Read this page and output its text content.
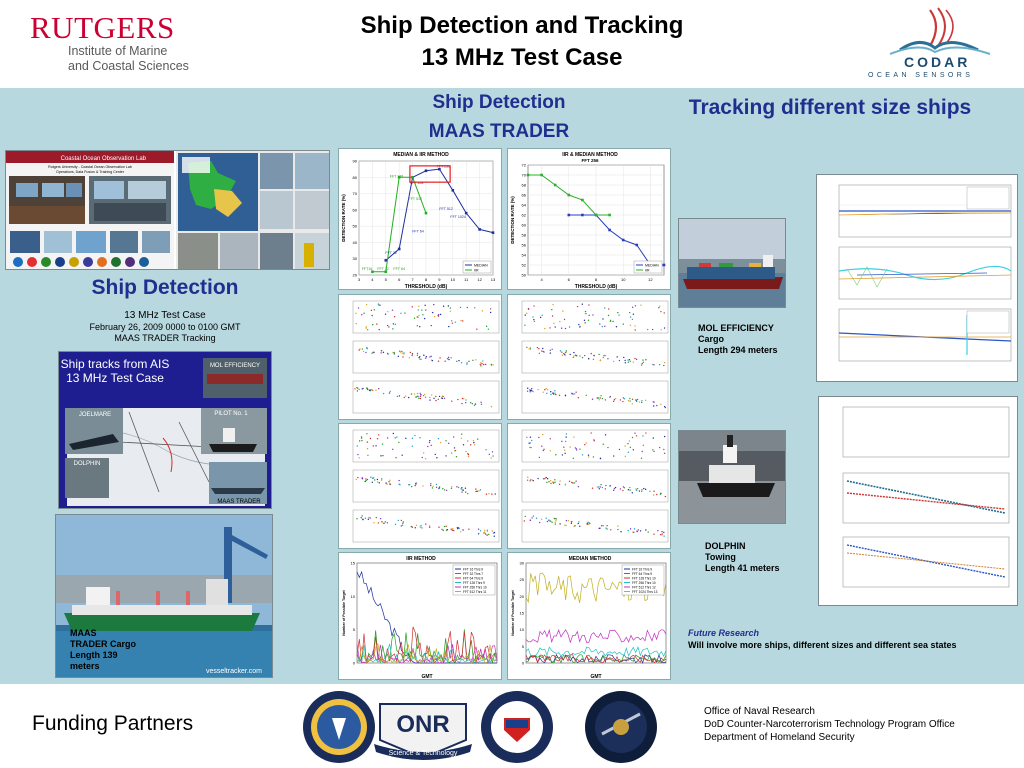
RUTGERS
Institute of Marine
and Coastal Sciences
Ship Detection and Tracking
13 MHz Test Case	CODAR
OCEAN SENSORS
Ship Detection
MAAS TRADER
Tracking different size ships
Coastal Ocean Observation Lab
Rutgers University - Coastal Ocean Observation Lab
Operations, Data Fusion & Training Center
20
30
40
50
60
70
80
90
3	4	5	6	7	8	9	10 11 12 13
MEDIAN & IIR METHOD
THRESHOLD (dB)
DETECTION RATE (%)
MEDIAN
IIR
FFT 256
FFT 128
FFT 128
FFT 512
FFT 512
FFT 1024
FFT 64
FFT 32
FFT16 FFT 32 FFT 64
50
52
54
56
58
60
62
64
66
68
70
72
4	6	8	10	12
IIR & MEDIAN METHOD
FFT 256
THRESHOLD (dB)
DETECTION RATE (%)
MEDIAN
IIR
IIR METHOD
GMT
Number of Possible Target
0
5
10
15
FFT 16 Thrs 9
FFT 32 Thrs 7
FFT 64 Thrs 9
FFT 128 Thrs 9
FFT 256 Thrs 10
FFT 512 Thrs 11
MEDIAN METHOD
GMT
Number of Possible Target
0
5
10
15
20
25
30
FFT 32 Thrs 9
FFT 64 Thrs 9
FFT 128 Thrs 10
FFT 256 Thrs 10
FFT 512 Thrs 12
FFT 1024 Thrs 13
Ship Detection
13 MHz Test Case
February 26, 2009 0000 to 0100 GMT
MAAS TRADER Tracking
Ship tracks from AIS
13 MHz Test Case
MOL EFFICIENCY
JOELMARE	PILOT No. 1
DOLPHIN
MAAS TRADER
vesseltracker.com
MAAS
TRADER Cargo
Length 139
meters
MOL EFFICIENCY
Cargo
Length 294 meters
DOLPHIN
Towing
Length 41 meters
Future Research
Will involve more ships, different sizes and different sea states
Funding Partners	ONR
Science & Technology
Office of Naval Research
DoD Counter-Narcoterrorism Technology Program Office
Department of Homeland Security
